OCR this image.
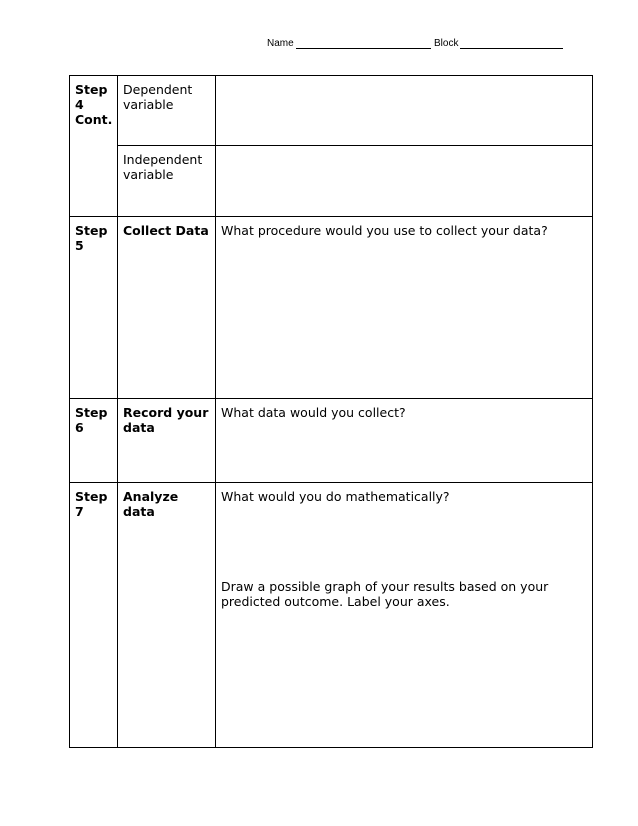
Name	Block
Step 4 Cont.	Dependent variable	
	Independent variable	
Step 5	Collect Data	What procedure would you use to collect your data?
Step 6	Record your data	What data would you collect?
Step 7	Analyze data	What would you do mathematically?
Draw a possible graph of your results based on your predicted outcome. Label your axes.
